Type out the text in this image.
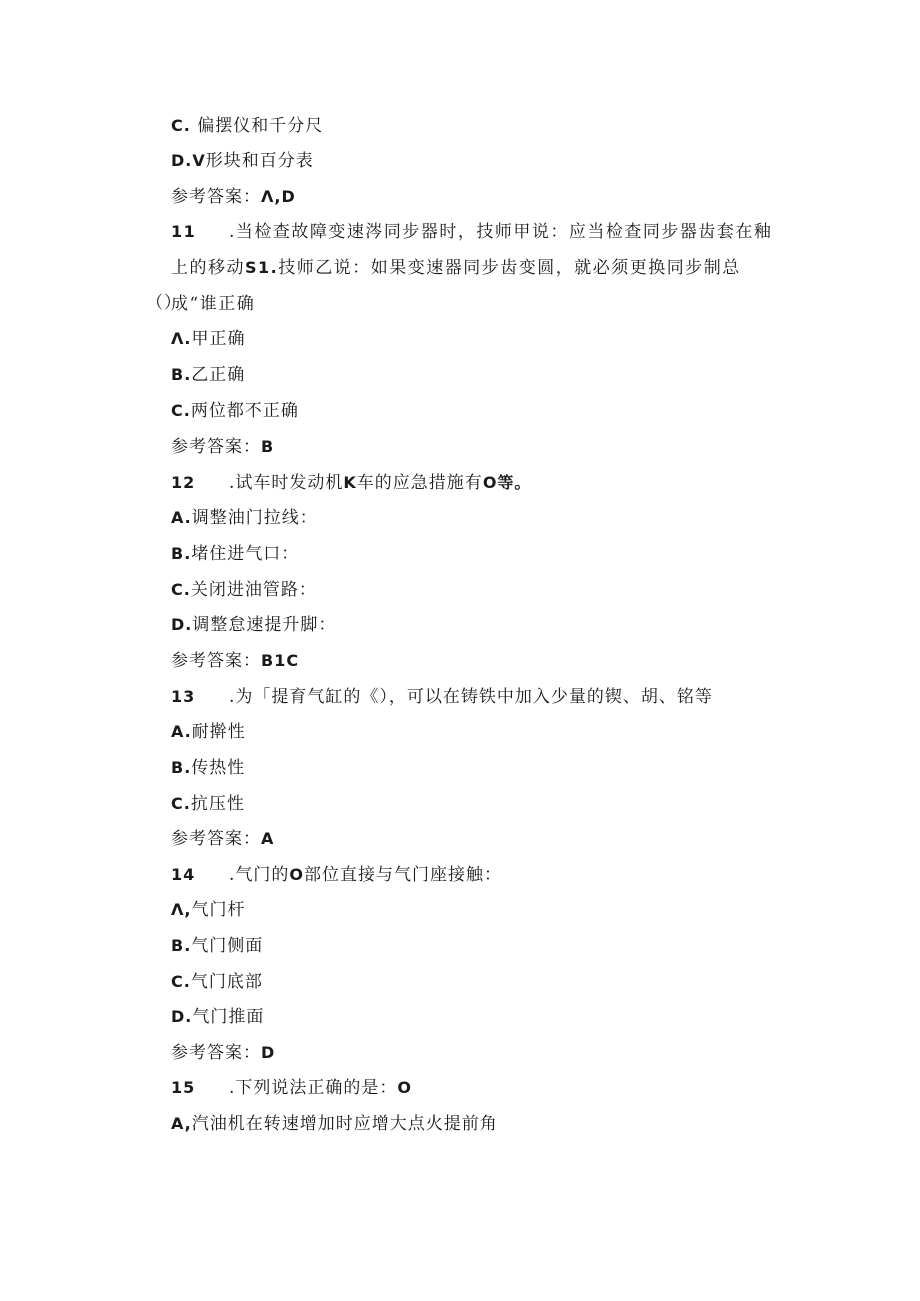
C. 偏摆仪和千分尺
D.V形块和百分表
参考答案：Λ,D
11 .当检查故障变速涔同步器时，技师甲说：应当检查同步器齿套在釉上的移动S1.技师乙说：如果变速器同步齿变圆，就必须更换同步制总成“谁正确
（）
Λ.甲正确
B.乙正确
C.两位都不正确
参考答案：B
12 .试车时发动机K车的应急措施有O等。
A.调整油门拉线：
B.堵住进气口：
C.关闭进油管路：
D.调整怠速提升脚：
参考答案：B1C
13 .为「提育气缸的《），可以在铸铁中加入少量的锲、胡、铭等
A.耐擀性
B.传热性
C.抗压性
参考答案：A
14 .气门的O部位直接与气门座接触：
Λ,气门杆
B.气门侧面
C.气门底部
D.气门推面
参考答案：D
15 .下列说法正确的是：O
A,汽油机在转速增加时应增大点火提前角
